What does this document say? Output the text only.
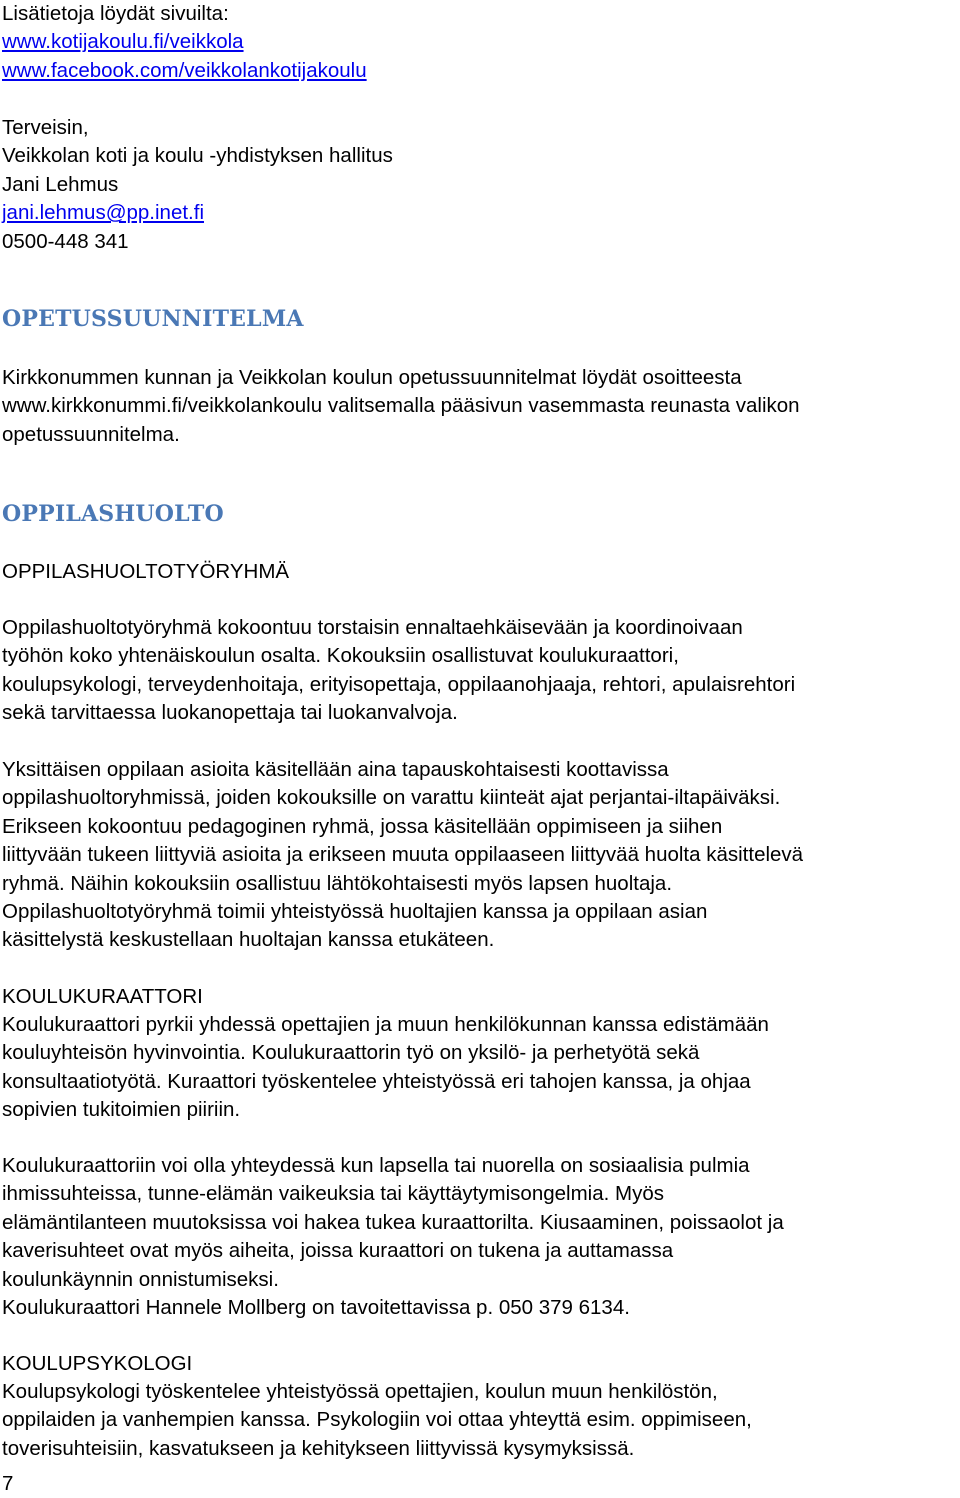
Lisätietoja löydät sivuilta:
www.kotijakoulu.fi/veikkola
www.facebook.com/veikkolankotijakoulu
Terveisin,
Veikkolan koti ja koulu -yhdistyksen hallitus
Jani Lehmus
jani.lehmus@pp.inet.fi
0500-448 341
OPETUSSUUNNITELMA
Kirkkonummen kunnan ja Veikkolan koulun opetussuunnitelmat löydät osoitteesta
www.kirkkonummi.fi/veikkolankoulu valitsemalla pääsivun vasemmasta reunasta valikon
opetussuunnitelma.
OPPILASHUOLTO
OPPILASHUOLTOTYÖRYHMÄ
Oppilashuoltotyöryhmä kokoontuu torstaisin ennaltaehkäisevään ja koordinoivaan
työhön koko yhtenäiskoulun osalta. Kokouksiin osallistuvat koulukuraattori,
koulupsykologi, terveydenhoitaja, erityisopettaja, oppilaanohjaaja, rehtori, apulaisrehtori
sekä tarvittaessa luokanopettaja tai luokanvalvoja.
Yksittäisen oppilaan asioita käsitellään aina tapauskohtaisesti koottavissa
oppilashuoltoryhmissä, joiden kokouksille on varattu kiinteät ajat perjantai-iltapäiväksi.
Erikseen kokoontuu pedagoginen ryhmä, jossa käsitellään oppimiseen ja siihen
liittyvään tukeen liittyviä asioita ja erikseen muuta oppilaaseen liittyvää huolta käsittelevä
ryhmä. Näihin kokouksiin osallistuu lähtökohtaisesti myös lapsen huoltaja.
Oppilashuoltotyöryhmä toimii yhteistyössä huoltajien kanssa ja oppilaan asian
käsittelystä keskustellaan huoltajan kanssa etukäteen.
KOULUKURAATTORI
Koulukuraattori pyrkii yhdessä opettajien ja muun henkilökunnan kanssa edistämään
kouluyhteisön hyvinvointia. Koulukuraattorin työ on yksilö- ja perhetyötä sekä
konsultaatiotyötä. Kuraattori työskentelee yhteistyössä eri tahojen kanssa, ja ohjaa
sopivien tukitoimien piiriin.
Koulukuraattoriin voi olla yhteydessä kun lapsella tai nuorella on sosiaalisia pulmia
ihmissuhteissa, tunne-elämän vaikeuksia tai käyttäytymisongelmia. Myös
elämäntilanteen muutoksissa voi hakea tukea kuraattorilta. Kiusaaminen, poissaolot ja
kaverisuhteet ovat myös aiheita, joissa kuraattori on tukena ja auttamassa
koulunkäynnin onnistumiseksi.
Koulukuraattori Hannele Mollberg on tavoitettavissa p. 050 379 6134.
KOULUPSYKOLOGI
Koulupsykologi työskentelee yhteistyössä opettajien, koulun muun henkilöstön,
oppilaiden ja vanhempien kanssa. Psykologiin voi ottaa yhteyttä esim. oppimiseen,
toverisuhteisiin, kasvatukseen ja kehitykseen liittyvissä kysymyksissä.
7
